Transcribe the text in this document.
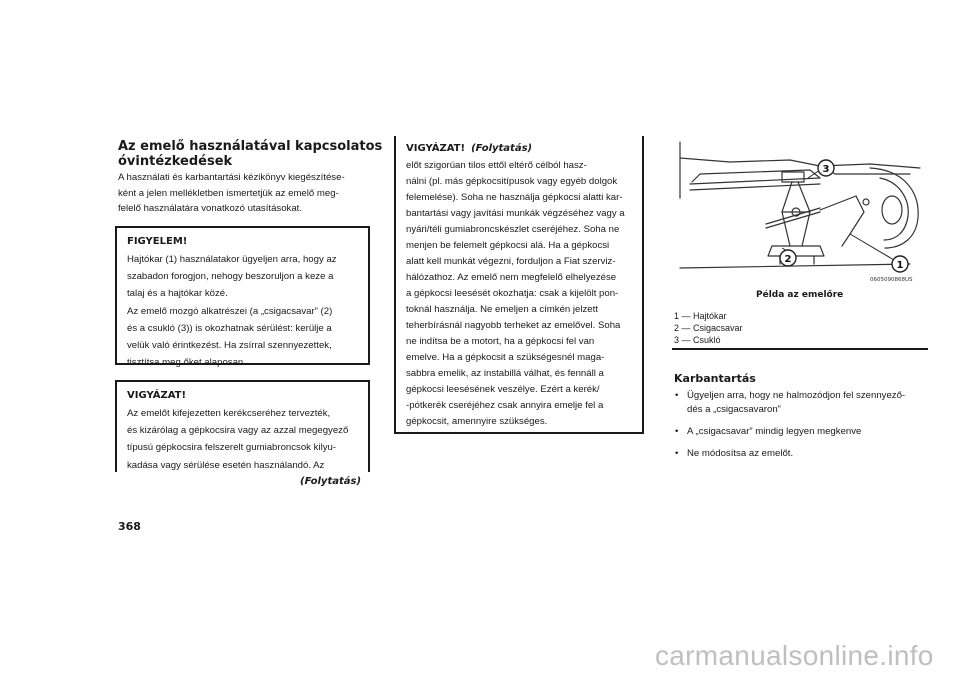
Az emelő használatával kapcsolatos
óvintézkedések
A használati és karbantartási kézikönyv kiegészítése-
ként a jelen mellékletben ismertetjük az emelő meg-
felelő használatára vonatkozó utasításokat.
FIGYELEM!

Hajtókar (1) használatakor ügyeljen arra, hogy az

szabadon forogjon, nehogy beszoruljon a keze a

talaj és a hajtókar közé.

Az emelő mozgó alkatrészei (a „csigacsavar” (2)

és a csukló (3)) is okozhatnak sérülést: kerülje a

velük való érintkezést. Ha zsírral szennyezettek,

tisztítsa meg őket alaposan.

VIGYÁZAT!

Az emelőt kifejezetten kerékcseréhez tervezték,

és kizárólag a gépkocsira vagy az azzal megegyező

típusú gépkocsira felszerelt gumiabroncsok kilyu-

kadása vagy sérülése esetén használandó. Az

(Folytatás)
368
VIGYÁZAT! (Folytatás)

előt szigorúan tilos ettől eltérő célból hasz-

nálni (pl. más gépkocsitípusok vagy egyéb dolgok

felemelése). Soha ne használja gépkocsi alatti kar-

bantartási vagy javítási munkák végzéséhez vagy a

nyári/téli gumiabroncskészlet cseréjéhez. Soha ne

menjen be felemelt gépkocsi alá. Ha a gépkocsi

alatt kell munkát végezni, forduljon a Fiat szerviz-

hálózathoz. Az emelő nem megfelelő elhelyezése

a gépkocsi leesését okozhatja: csak a kijelölt pon-

toknál használja. Ne emeljen a címkén jelzett

teherbírásnál nagyobb terheket az emelővel. Soha

ne indítsa be a motort, ha a gépkocsi fel van

emelve. Ha a gépkocsit a szükségesnél maga-

sabbra emelik, az instabillá válhat, és fennáll a

gépkocsi leesésének veszélye. Ezért a kerék/

-pótkerék cseréjéhez csak annyira emelje fel a

gépkocsit, amennyire szükséges.

3
2
1
0605090868US
Példa az emelőre
1 — Hajtókar
2 — Csigacsavar
3 — Csukló
Karbantartás
• Ügyeljen arra, hogy ne halmozódjon fel szennyező-
dés a „csigacsavaron”
• A „csigacsavar” mindig legyen megkenve
• Ne módosítsa az emelőt.
carmanualsonline.info
